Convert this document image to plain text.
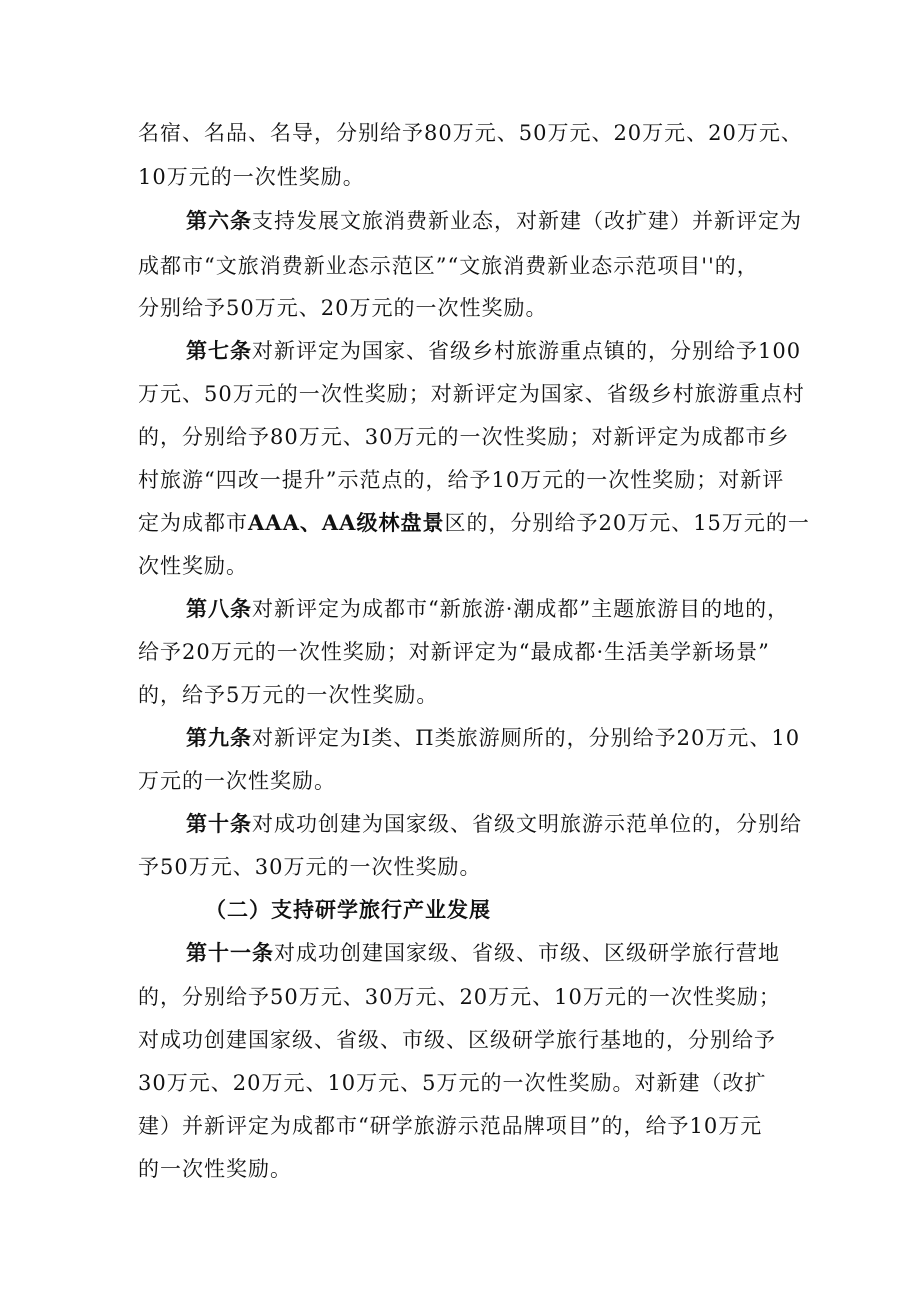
名宿、名品、名导，分别给予80万元、50万元、20万元、20万元、
10万元的一次性奖励。
第六条支持发展文旅消费新业态，对新建（改扩建）并新评定为
成都市“文旅消费新业态示范区”“文旅消费新业态示范项目''的，
分别给予50万元、20万元的一次性奖励。
第七条对新评定为国家、省级乡村旅游重点镇的，分别给予100
万元、50万元的一次性奖励；对新评定为国家、省级乡村旅游重点村
的，分别给予80万元、30万元的一次性奖励；对新评定为成都市乡
村旅游“四改一提升”示范点的，给予10万元的一次性奖励；对新评
定为成都市AAA、AA级林盘景区的，分别给予20万元、15万元的一
次性奖励。
第八条对新评定为成都市“新旅游·潮成都”主题旅游目的地的，
给予20万元的一次性奖励；对新评定为“最成都·生活美学新场景”
的，给予5万元的一次性奖励。
第九条对新评定为Ⅰ类、Π类旅游厕所的，分别给予20万元、10
万元的一次性奖励。
第十条对成功创建为国家级、省级文明旅游示范单位的，分别给
予50万元、30万元的一次性奖励。
（二）支持研学旅行产业发展
第十一条对成功创建国家级、省级、市级、区级研学旅行营地
的，分别给予50万元、30万元、20万元、10万元的一次性奖励；
对成功创建国家级、省级、市级、区级研学旅行基地的，分别给予
30万元、20万元、10万元、5万元的一次性奖励。对新建（改扩
建）并新评定为成都市“研学旅游示范品牌项目”的，给予10万元
的一次性奖励。
